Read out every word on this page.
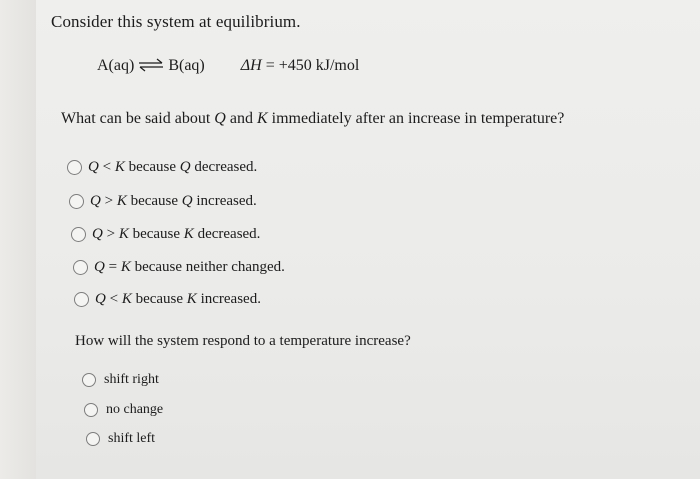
Consider this system at equilibrium.
A(aq) ⇌ B(aq) ΔH = +450 kJ/mol
What can be said about Q and K immediately after an increase in temperature?
Q < K because Q decreased.
Q > K because Q increased.
Q > K because K decreased.
Q = K because neither changed.
Q < K because K increased.
How will the system respond to a temperature increase?
shift right
no change
shift left
